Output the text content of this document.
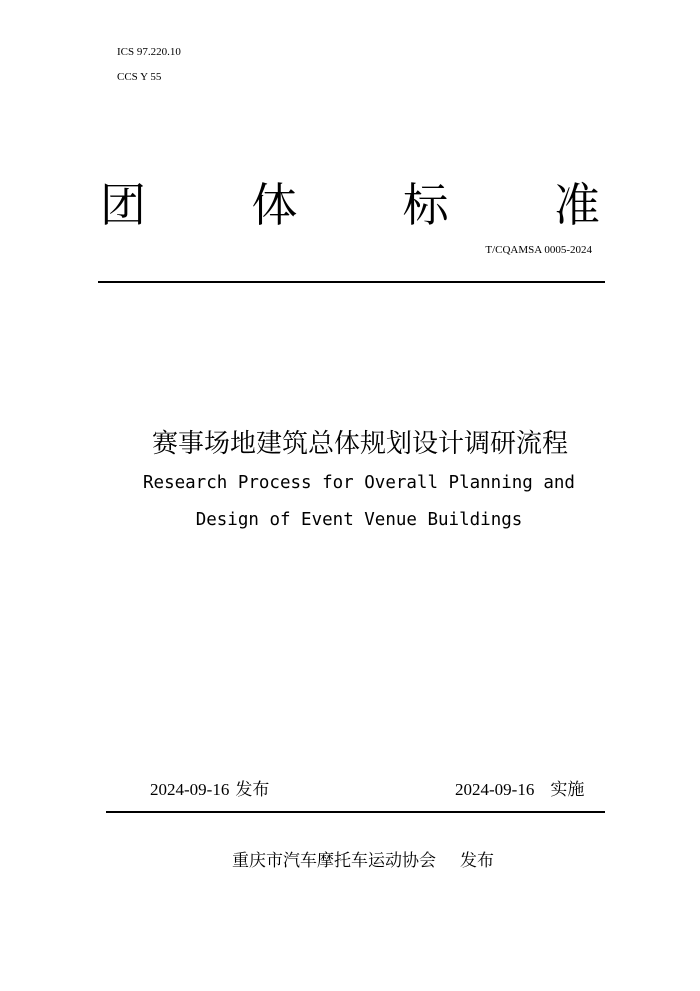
ICS 97.220.10
CCS Y 55
团 体 标 准
T/CQAMSA 0005-2024
赛事场地建筑总体规划设计调研流程
Research Process for Overall Planning and
Design of Event Venue Buildings
2024-09-16 发布	2024-09-16 实施
重庆市汽车摩托车运动协会 发布
